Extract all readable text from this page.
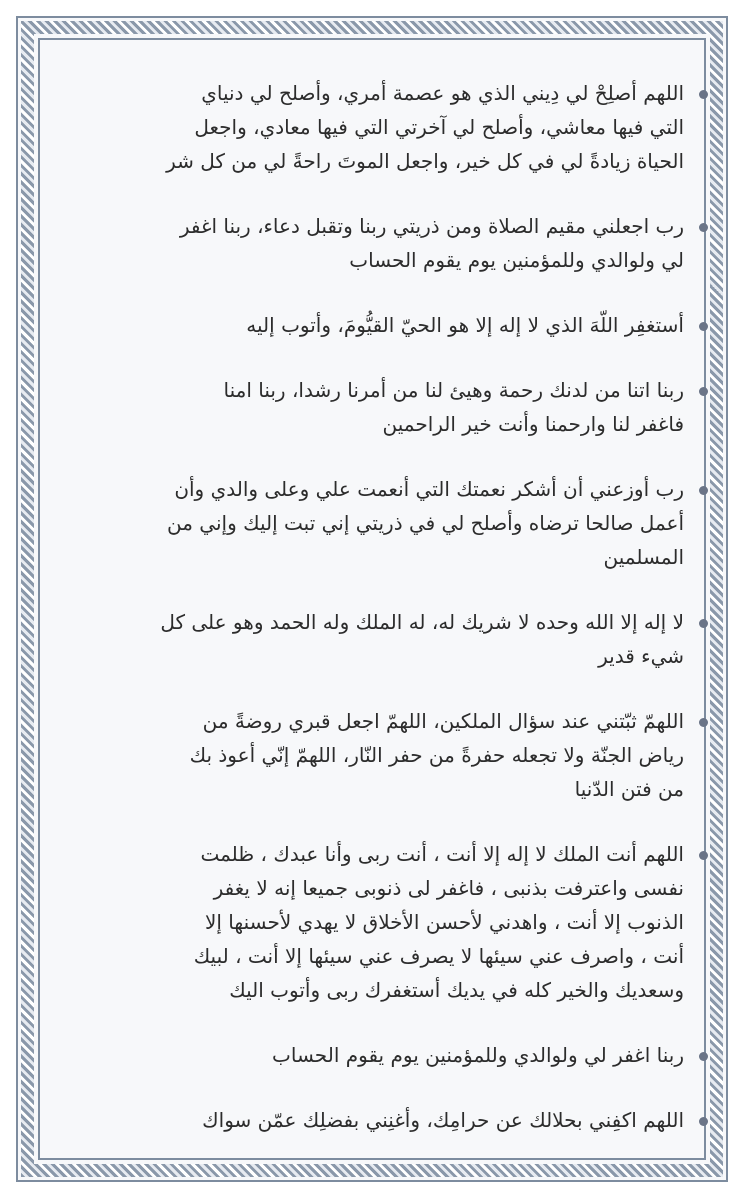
اللهم أصلِحْ لي دِيني الذي هو عصمة أمري، وأصلح لي دنياي
التي فيها معاشي، وأصلح لي آخرتي التي فيها معادي، واجعل
الحياة زيادةً لي في كل خير، واجعل الموتَ راحةً لي من كل شر
رب اجعلني مقيم الصلاة ومن ذريتي ربنا وتقبل دعاء، ربنا اغفر
لي ولوالدي وللمؤمنين يوم يقوم الحساب
أستغفِر اللّهَ الذي لا إله إلا هو الحيّ القيُّومَ، وأتوب إليه
ربنا اتنا من لدنك رحمة وهيئ لنا من أمرنا رشدا، ربنا امنا
فاغفر لنا وارحمنا وأنت خير الراحمين
رب أوزعني أن أشكر نعمتك التي أنعمت علي وعلى والدي وأن
أعمل صالحا ترضاه وأصلح لي في ذريتي إني تبت إليك وإني من
المسلمين
لا إله إلا الله وحده لا شريك له، له الملك وله الحمد وهو على كل
شيء قدير
اللهمّ ثبّتني عند سؤال الملكين، اللهمّ اجعل قبري روضةً من
رياض الجنّة ولا تجعله حفرةً من حفر النّار، اللهمّ إنّي أعوذ بك
من فتن الدّنيا
اللهم أنت الملك لا إله إلا أنت ، أنت ربى وأنا عبدك ، ظلمت
نفسى واعترفت بذنبى ، فاغفر لى ذنوبى جميعا إنه لا يغفر
الذنوب إلا أنت ، واهدني لأحسن الأخلاق لا يهدي لأحسنها إلا
أنت ، واصرف عني سيئها لا يصرف عني سيئها إلا أنت ، لبيك
وسعديك والخير كله في يديك أستغفرك ربى وأتوب اليك
ربنا اغفر لي ولوالدي وللمؤمنين يوم يقوم الحساب
اللهم اكفِني بحلالك عن حرامِك، وأغنِني بفضلِك عمّن سواك
